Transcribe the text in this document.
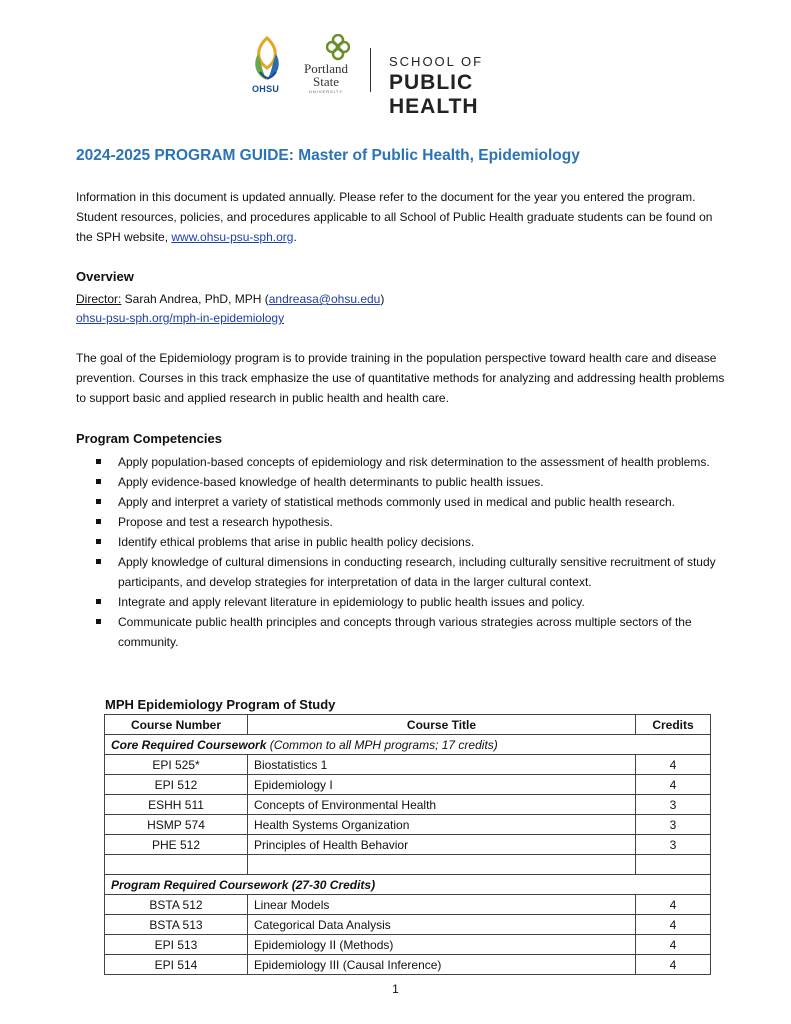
OHSU
Portland
State
UNIVERSITY
SCHOOL OF
PUBLIC HEALTH
2024-2025 PROGRAM GUIDE: Master of Public Health, Epidemiology
Information in this document is updated annually. Please refer to the document for the year you entered the program. Student resources, policies, and procedures applicable to all School of Public Health graduate students can be found on the SPH website, www.ohsu-psu-sph.org.
Overview
Director: Sarah Andrea, PhD, MPH (andreasa@ohsu.edu)
ohsu-psu-sph.org/mph-in-epidemiology
The goal of the Epidemiology program is to provide training in the population perspective toward health care and disease prevention. Courses in this track emphasize the use of quantitative methods for analyzing and addressing health problems to support basic and applied research in public health and health care.
Program Competencies
Apply population-based concepts of epidemiology and risk determination to the assessment of health problems.
Apply evidence-based knowledge of health determinants to public health issues.
Apply and interpret a variety of statistical methods commonly used in medical and public health research.
Propose and test a research hypothesis.
Identify ethical problems that arise in public health policy decisions.
Apply knowledge of cultural dimensions in conducting research, including culturally sensitive recruitment of study participants, and develop strategies for interpretation of data in the larger cultural context.
Integrate and apply relevant literature in epidemiology to public health issues and policy.
Communicate public health principles and concepts through various strategies across multiple sectors of the community.
MPH Epidemiology Program of Study
Course Number	Course Title	Credits
Core Required Coursework (Common to all MPH programs; 17 credits)		
EPI 525*	Biostatistics 1	4
EPI 512	Epidemiology I	4
ESHH 511	Concepts of Environmental Health	3
HSMP 574	Health Systems Organization	3
PHE 512	Principles of Health Behavior	3

Program Required Coursework (27-30 Credits)		
BSTA 512	Linear Models	4
BSTA 513	Categorical Data Analysis	4
EPI 513	Epidemiology II (Methods)	4
EPI 514	Epidemiology III (Causal Inference)	4
1
